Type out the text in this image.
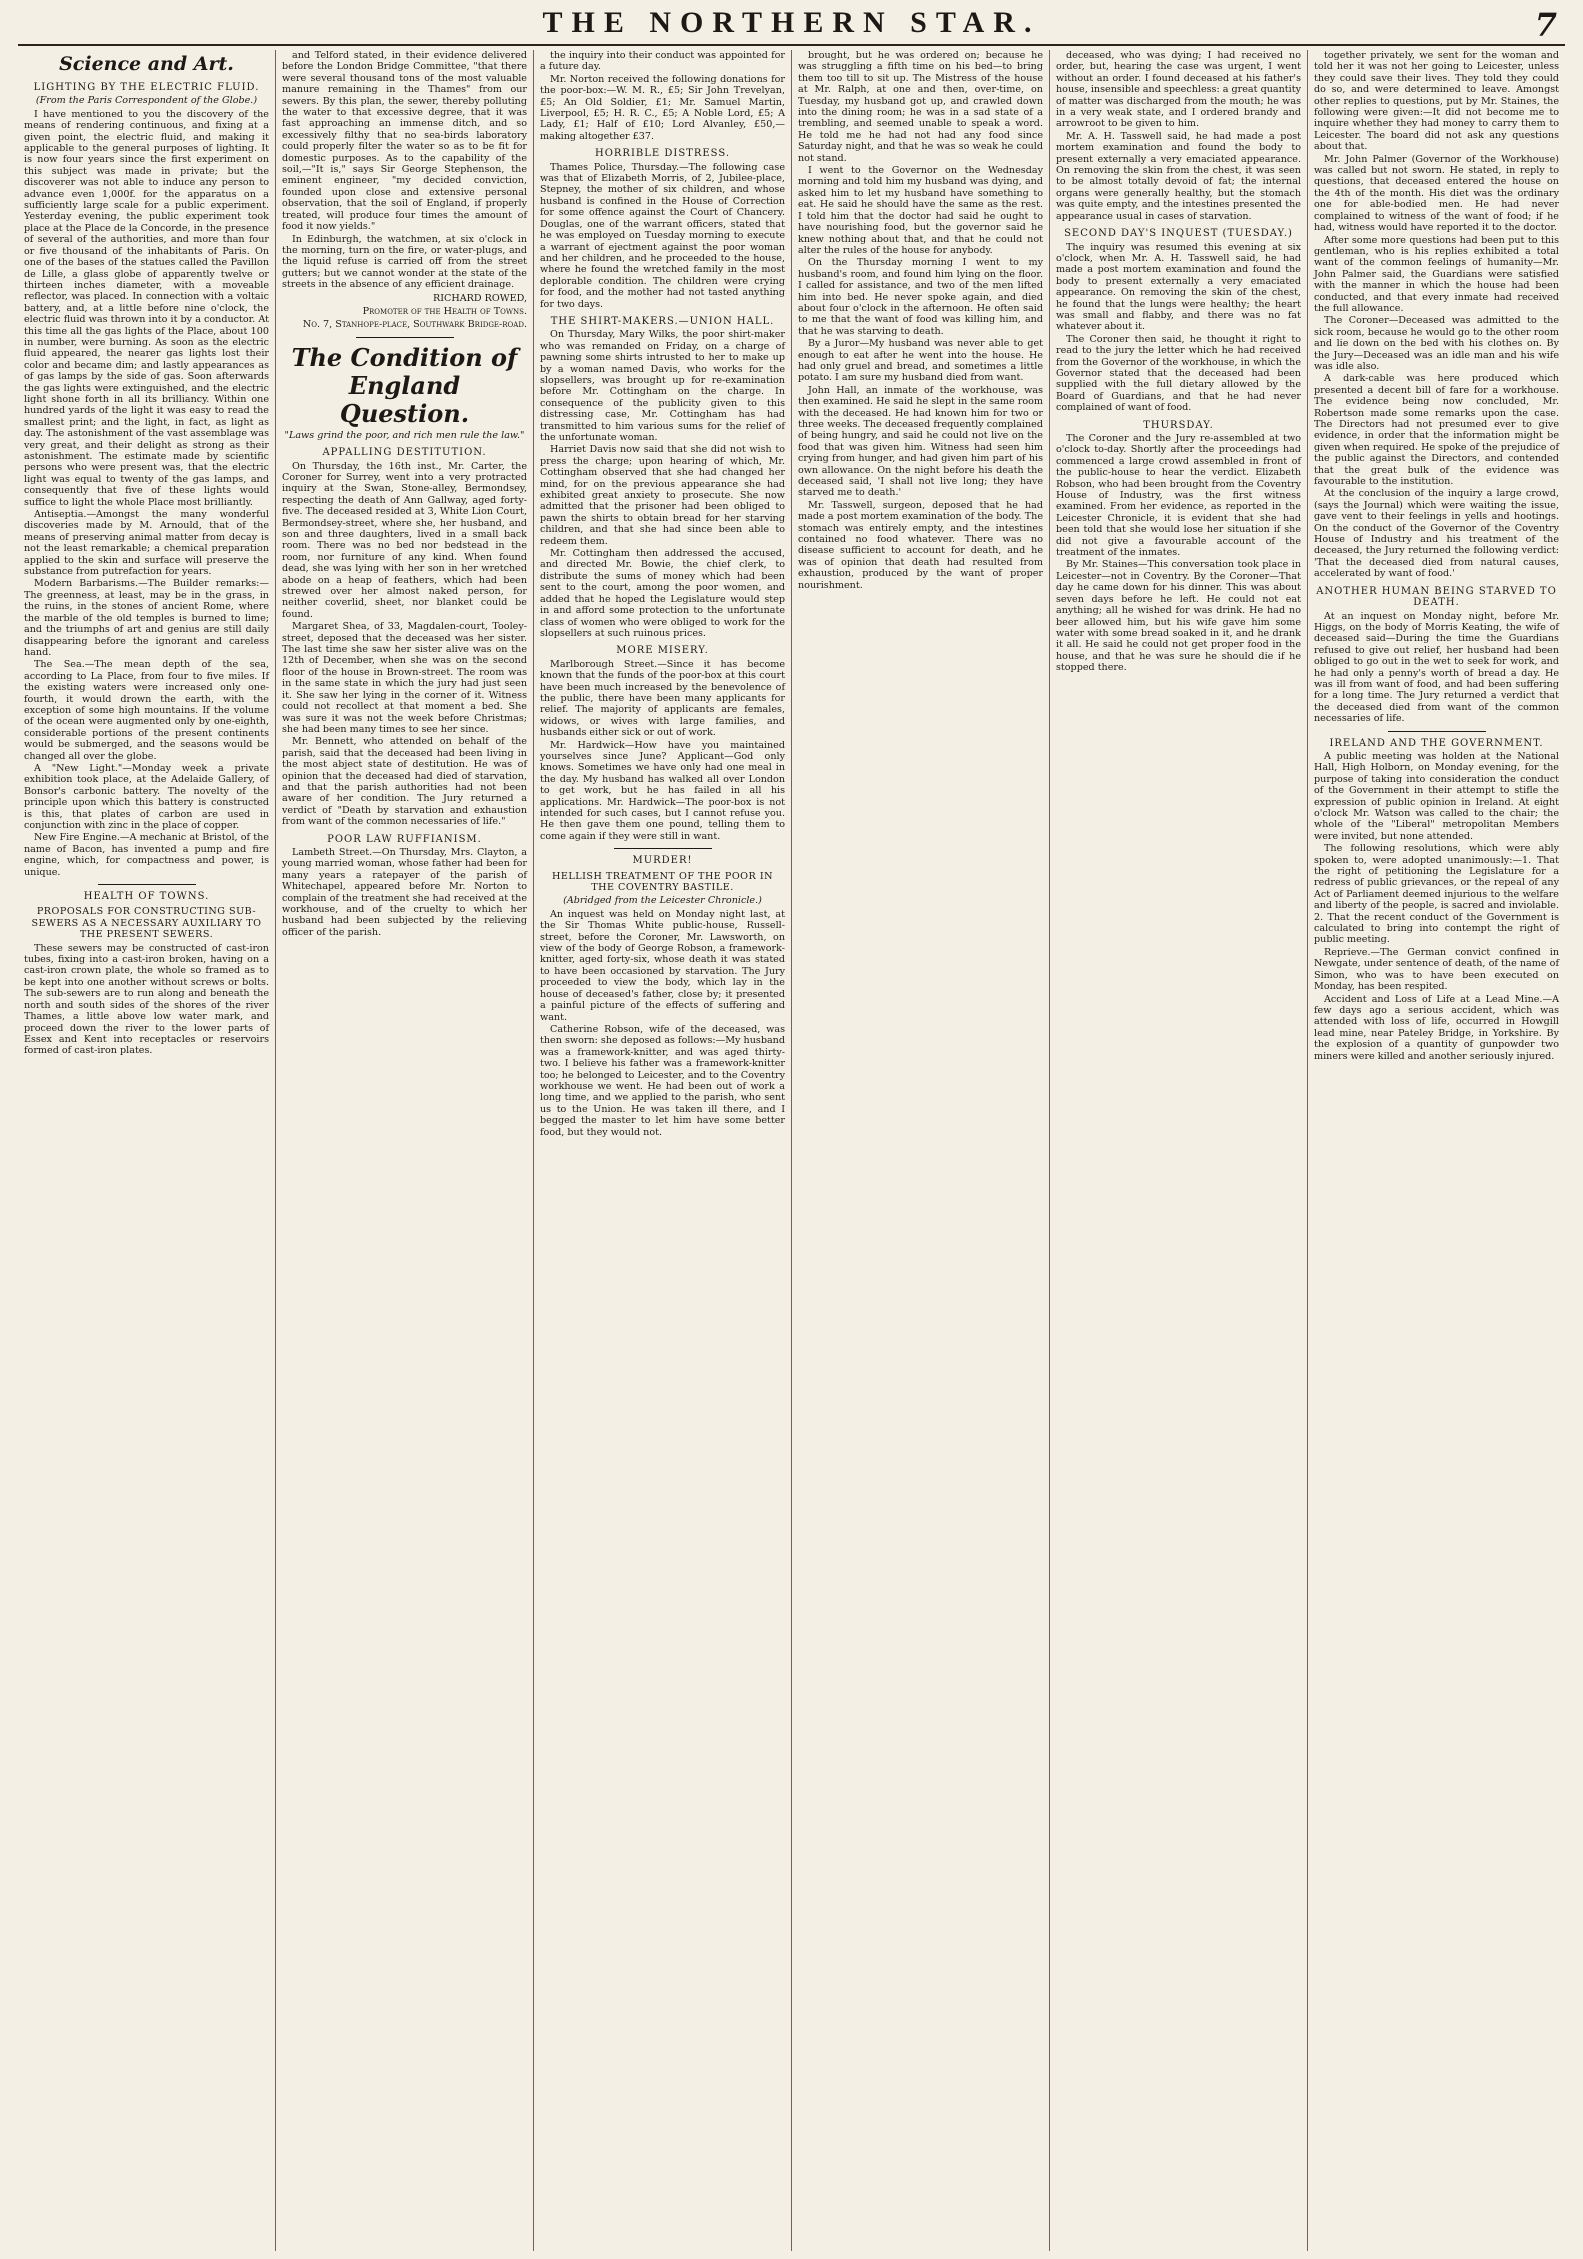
THE NORTHERN STAR.	7
Science and Art.
LIGHTING BY THE ELECTRIC FLUID.
(From the Paris Correspondent of the Globe.)

I have mentioned to you the discovery of the means of rendering continuous, and fixing at a given point, the electric fluid, and making it applicable to the general purposes of lighting. It is now four years since the first experiment on this subject was made in private; but the discoverer was not able to induce any person to advance even 1,000f. for the apparatus on a sufficiently large scale for a public experiment. Yesterday evening, the public experiment took place at the Place de la Concorde, in the presence of several of the authorities, and more than four or five thousand of the inhabitants of Paris. On one of the bases of the statues called the Pavillon de Lille, a glass globe of apparently twelve or thirteen inches diameter, with a moveable reflector, was placed. In connection with a voltaic battery, and, at a little before nine o'clock, the electric fluid was thrown into it by a conductor. At this time all the gas lights of the Place, about 100 in number, were burning. As soon as the electric fluid appeared, the nearer gas lights lost their color and became dim; and lastly appearances as of gas lamps by the side of gas. Soon afterwards the gas lights were extinguished, and the electric light shone forth in all its brilliancy. Within one hundred yards of the light it was easy to read the smallest print; and the light, in fact, as light as day. The astonishment of the vast assemblage was very great, and their delight as strong as their astonishment. The estimate made by scientific persons who were present was, that the electric light was equal to twenty of the gas lamps, and consequently that five of these lights would suffice to light the whole Place most brilliantly.

Antiseptia.—Amongst the many wonderful discoveries made by M. Arnould, that of the means of preserving animal matter from decay is not the least remarkable; a chemical preparation applied to the skin and surface will preserve the substance from putrefaction for years.

Modern Barbarisms.—The Builder remarks:—The greenness, at least, may be in the grass, in the ruins, in the stones of ancient Rome, where the marble of the old temples is burned to lime; and the triumphs of art and genius are still daily disappearing before the ignorant and careless hand.

The Sea.—The mean depth of the sea, according to La Place, from four to five miles. If the existing waters were increased only one-fourth, it would drown the earth, with the exception of some high mountains. If the volume of the ocean were augmented only by one-eighth, considerable portions of the present continents would be submerged, and the seasons would be changed all over the globe.

A "New Light."—Monday week a private exhibition took place, at the Adelaide Gallery, of Bonsor's carbonic battery. The novelty of the principle upon which this battery is constructed is this, that plates of carbon are used in conjunction with zinc in the place of copper.

New Fire Engine.—A mechanic at Bristol, of the name of Bacon, has invented a pump and fire engine, which, for compactness and power, is unique.

HEALTH OF TOWNS.
PROPOSALS FOR CONSTRUCTING SUB-SEWERS AS A NECESSARY AUXILIARY TO THE PRESENT SEWERS.

These sewers may be constructed of cast-iron tubes, fixing into a cast-iron broken, having on a cast-iron crown plate, the whole so framed as to be kept into one another without screws or bolts. The sub-sewers are to run along and beneath the north and south sides of the shores of the river Thames, a little above low water mark, and proceed down the river to the lower parts of Essex and Kent into receptacles or reservoirs formed of cast-iron plates.

and Telford stated, in their evidence delivered before the London Bridge Committee, "that there were several thousand tons of the most valuable manure remaining in the Thames" from our sewers. By this plan, the sewer, thereby polluting the water to that excessive degree, that it was fast approaching an immense ditch, and so excessively filthy that no sea-birds laboratory could properly filter the water so as to be fit for domestic purposes. As to the capability of the soil,—"It is," says Sir George Stephenson, the eminent engineer, "my decided conviction, founded upon close and extensive personal observation, that the soil of England, if properly treated, will produce four times the amount of food it now yields."

In Edinburgh, the watchmen, at six o'clock in the morning, turn on the fire, or water-plugs, and the liquid refuse is carried off from the street gutters; but we cannot wonder at the state of the streets in the absence of any efficient drainage.

RICHARD ROWED,
Promoter of the Health of Towns.
No. 7, Stanhope-place, Southwark Bridge-road.
The Condition of England Question.
"Laws grind the poor, and rich men rule the law."
APPALLING DESTITUTION.

On Thursday, the 16th inst., Mr. Carter, the Coroner for Surrey, went into a very protracted inquiry at the Swan, Stone-alley, Bermondsey, respecting the death of Ann Gallway, aged forty-five. The deceased resided at 3, White Lion Court, Bermondsey-street, where she, her husband, and son and three daughters, lived in a small back room. There was no bed nor bedstead in the room, nor furniture of any kind. When found dead, she was lying with her son in her wretched abode on a heap of feathers, which had been strewed over her almost naked person, for neither coverlid, sheet, nor blanket could be found.

Margaret Shea, of 33, Magdalen-court, Tooley-street, deposed that the deceased was her sister. The last time she saw her sister alive was on the 12th of December, when she was on the second floor of the house in Brown-street. The room was in the same state in which the jury had just seen it. She saw her lying in the corner of it. Witness could not recollect at that moment a bed. She was sure it was not the week before Christmas; she had been many times to see her since.

Mr. Bennett, who attended on behalf of the parish, said that the deceased had been living in the most abject state of destitution. He was of opinion that the deceased had died of starvation, and that the parish authorities had not been aware of her condition. The Jury returned a verdict of "Death by starvation and exhaustion from want of the common necessaries of life."

POOR LAW RUFFIANISM.

Lambeth Street.—On Thursday, Mrs. Clayton, a young married woman, whose father had been for many years a ratepayer of the parish of Whitechapel, appeared before Mr. Norton to complain of the treatment she had received at the workhouse, and of the cruelty to which her husband had been subjected by the relieving officer of the parish.

the inquiry into their conduct was appointed for a future day.

Mr. Norton received the following donations for the poor-box:—W. M. R., £5; Sir John Trevelyan, £5; An Old Soldier, £1; Mr. Samuel Martin, Liverpool, £5; H. R. C., £5; A Noble Lord, £5; A Lady, £1; Half of £10; Lord Alvanley, £50,—making altogether £37.

HORRIBLE DISTRESS.

Thames Police, Thursday.—The following case was that of Elizabeth Morris, of 2, Jubilee-place, Stepney, the mother of six children, and whose husband is confined in the House of Correction for some offence against the Court of Chancery. Douglas, one of the warrant officers, stated that he was employed on Tuesday morning to execute a warrant of ejectment against the poor woman and her children, and he proceeded to the house, where he found the wretched family in the most deplorable condition. The children were crying for food, and the mother had not tasted anything for two days.

THE SHIRT-MAKERS.—UNION HALL.

On Thursday, Mary Wilks, the poor shirt-maker who was remanded on Friday, on a charge of pawning some shirts intrusted to her to make up by a woman named Davis, who works for the slopsellers, was brought up for re-examination before Mr. Cottingham on the charge. In consequence of the publicity given to this distressing case, Mr. Cottingham has had transmitted to him various sums for the relief of the unfortunate woman.

Harriet Davis now said that she did not wish to press the charge; upon hearing of which, Mr. Cottingham observed that she had changed her mind, for on the previous appearance she had exhibited great anxiety to prosecute. She now admitted that the prisoner had been obliged to pawn the shirts to obtain bread for her starving children, and that she had since been able to redeem them.

Mr. Cottingham then addressed the accused, and directed Mr. Bowie, the chief clerk, to distribute the sums of money which had been sent to the court, among the poor women, and added that he hoped the Legislature would step in and afford some protection to the unfortunate class of women who were obliged to work for the slopsellers at such ruinous prices.

MORE MISERY.

Marlborough Street.—Since it has become known that the funds of the poor-box at this court have been much increased by the benevolence of the public, there have been many applicants for relief. The majority of applicants are females, widows, or wives with large families, and husbands either sick or out of work.

Mr. Hardwick—How have you maintained yourselves since June? Applicant—God only knows. Sometimes we have only had one meal in the day. My husband has walked all over London to get work, but he has failed in all his applications. Mr. Hardwick—The poor-box is not intended for such cases, but I cannot refuse you. He then gave them one pound, telling them to come again if they were still in want.

MURDER!
HELLISH TREATMENT OF THE POOR IN THE COVENTRY BASTILE.
(Abridged from the Leicester Chronicle.)

An inquest was held on Monday night last, at the Sir Thomas White public-house, Russell-street, before the Coroner, Mr. Lawsworth, on view of the body of George Robson, a framework-knitter, aged forty-six, whose death it was stated to have been occasioned by starvation. The Jury proceeded to view the body, which lay in the house of deceased's father, close by; it presented a painful picture of the effects of suffering and want.

Catherine Robson, wife of the deceased, was then sworn: she deposed as follows:—My husband was a framework-knitter, and was aged thirty-two. I believe his father was a framework-knitter too; he belonged to Leicester, and to the Coventry workhouse we went. He had been out of work a long time, and we applied to the parish, who sent us to the Union. He was taken ill there, and I begged the master to let him have some better food, but they would not.

brought, but he was ordered on; because he was struggling a fifth time on his bed—to bring them too till to sit up. The Mistress of the house at Mr. Ralph, at one and then, over-time, on Tuesday, my husband got up, and crawled down into the dining room; he was in a sad state of a trembling, and seemed unable to speak a word. He told me he had not had any food since Saturday night, and that he was so weak he could not stand.

I went to the Governor on the Wednesday morning and told him my husband was dying, and asked him to let my husband have something to eat. He said he should have the same as the rest. I told him that the doctor had said he ought to have nourishing food, but the governor said he knew nothing about that, and that he could not alter the rules of the house for anybody.

On the Thursday morning I went to my husband's room, and found him lying on the floor. I called for assistance, and two of the men lifted him into bed. He never spoke again, and died about four o'clock in the afternoon. He often said to me that the want of food was killing him, and that he was starving to death.

By a Juror—My husband was never able to get enough to eat after he went into the house. He had only gruel and bread, and sometimes a little potato. I am sure my husband died from want.

John Hall, an inmate of the workhouse, was then examined. He said he slept in the same room with the deceased. He had known him for two or three weeks. The deceased frequently complained of being hungry, and said he could not live on the food that was given him. Witness had seen him crying from hunger, and had given him part of his own allowance. On the night before his death the deceased said, 'I shall not live long; they have starved me to death.'

Mr. Tasswell, surgeon, deposed that he had made a post mortem examination of the body. The stomach was entirely empty, and the intestines contained no food whatever. There was no disease sufficient to account for death, and he was of opinion that death had resulted from exhaustion, produced by the want of proper nourishment.

deceased, who was dying; I had received no order, but, hearing the case was urgent, I went without an order. I found deceased at his father's house, insensible and speechless: a great quantity of matter was discharged from the mouth; he was in a very weak state, and I ordered brandy and arrowroot to be given to him.

Mr. A. H. Tasswell said, he had made a post mortem examination and found the body to present externally a very emaciated appearance. On removing the skin from the chest, it was seen to be almost totally devoid of fat; the internal organs were generally healthy, but the stomach was quite empty, and the intestines presented the appearance usual in cases of starvation.

SECOND DAY'S INQUEST (TUESDAY.)

The inquiry was resumed this evening at six o'clock, when Mr. A. H. Tasswell said, he had made a post mortem examination and found the body to present externally a very emaciated appearance. On removing the skin of the chest, he found that the lungs were healthy; the heart was small and flabby, and there was no fat whatever about it.

The Coroner then said, he thought it right to read to the jury the letter which he had received from the Governor of the workhouse, in which the Governor stated that the deceased had been supplied with the full dietary allowed by the Board of Guardians, and that he had never complained of want of food.

THURSDAY.

The Coroner and the Jury re-assembled at two o'clock to-day. Shortly after the proceedings had commenced a large crowd assembled in front of the public-house to hear the verdict. Elizabeth Robson, who had been brought from the Coventry House of Industry, was the first witness examined. From her evidence, as reported in the Leicester Chronicle, it is evident that she had been told that she would lose her situation if she did not give a favourable account of the treatment of the inmates.

By Mr. Staines—This conversation took place in Leicester—not in Coventry. By the Coroner—That day he came down for his dinner. This was about seven days before he left. He could not eat anything; all he wished for was drink. He had no beer allowed him, but his wife gave him some water with some bread soaked in it, and he drank it all. He said he could not get proper food in the house, and that he was sure he should die if he stopped there.

together privately, we sent for the woman and told her it was not her going to Leicester, unless they could save their lives. They told they could do so, and were determined to leave. Amongst other replies to questions, put by Mr. Staines, the following were given:—It did not become me to inquire whether they had money to carry them to Leicester. The board did not ask any questions about that.

Mr. John Palmer (Governor of the Workhouse) was called but not sworn. He stated, in reply to questions, that deceased entered the house on the 4th of the month. His diet was the ordinary one for able-bodied men. He had never complained to witness of the want of food; if he had, witness would have reported it to the doctor.

After some more questions had been put to this gentleman, who is his replies exhibited a total want of the common feelings of humanity—Mr. John Palmer said, the Guardians were satisfied with the manner in which the house had been conducted, and that every inmate had received the full allowance.

The Coroner—Deceased was admitted to the sick room, because he would go to the other room and lie down on the bed with his clothes on. By the Jury—Deceased was an idle man and his wife was idle also.

A dark-cable was here produced which presented a decent bill of fare for a workhouse. The evidence being now concluded, Mr. Robertson made some remarks upon the case. The Directors had not presumed ever to give evidence, in order that the information might be given when required. He spoke of the prejudice of the public against the Directors, and contended that the great bulk of the evidence was favourable to the institution.

At the conclusion of the inquiry a large crowd, (says the Journal) which were waiting the issue, gave vent to their feelings in yells and hootings. On the conduct of the Governor of the Coventry House of Industry and his treatment of the deceased, the Jury returned the following verdict: 'That the deceased died from natural causes, accelerated by want of food.'

ANOTHER HUMAN BEING STARVED TO DEATH.

At an inquest on Monday night, before Mr. Higgs, on the body of Morris Keating, the wife of deceased said—During the time the Guardians refused to give out relief, her husband had been obliged to go out in the wet to seek for work, and he had only a penny's worth of bread a day. He was ill from want of food, and had been suffering for a long time. The Jury returned a verdict that the deceased died from want of the common necessaries of life.

IRELAND AND THE GOVERNMENT.

A public meeting was holden at the National Hall, High Holborn, on Monday evening, for the purpose of taking into consideration the conduct of the Government in their attempt to stifle the expression of public opinion in Ireland. At eight o'clock Mr. Watson was called to the chair; the whole of the "Liberal" metropolitan Members were invited, but none attended.

The following resolutions, which were ably spoken to, were adopted unanimously:—1. That the right of petitioning the Legislature for a redress of public grievances, or the repeal of any Act of Parliament deemed injurious to the welfare and liberty of the people, is sacred and inviolable. 2. That the recent conduct of the Government is calculated to bring into contempt the right of public meeting.

Reprieve.—The German convict confined in Newgate, under sentence of death, of the name of Simon, who was to have been executed on Monday, has been respited.

Accident and Loss of Life at a Lead Mine.—A few days ago a serious accident, which was attended with loss of life, occurred in Howgill lead mine, near Pateley Bridge, in Yorkshire. By the explosion of a quantity of gunpowder two miners were killed and another seriously injured.
